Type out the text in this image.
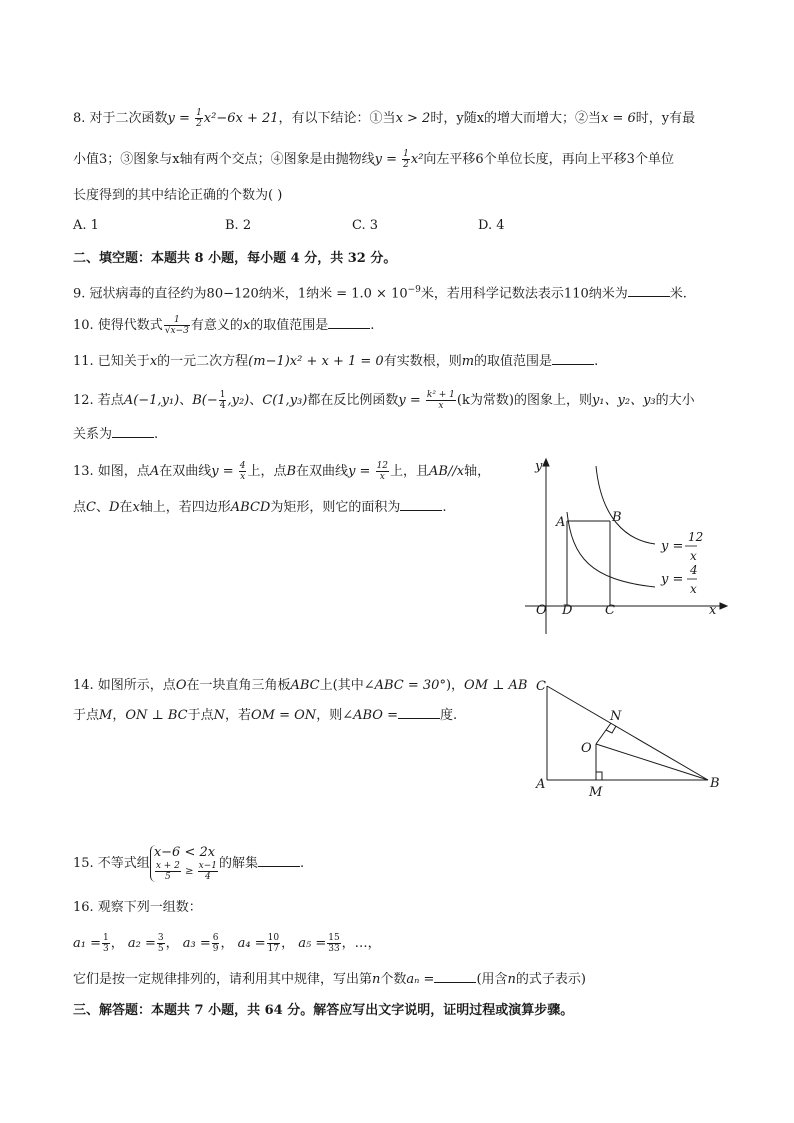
8. 对于二次函数$y = \frac{1}{2} x^2-6x + 21$，有以下结论：①当x > 2时，y随x的增大而增大；②当x = 6时，y有最
小值3；③图象与x轴有两个交点；④图象是由抛物线$y = \frac{1}{2} x^2$向左平移6个单位长度，再向上平移3个单位
长度得到的其中结论正确的个数为( )
A. 1	B. 2	C. 3	D. 4
二、填空题：本题共 8 小题，每小题 4 分，共 32 分。
9. 冠状病毒的直径约为80−120纳米，1纳米 = $1.0 \times 10^{-9}$米，若用科学记数法表示110纳米为	米.
10. 使得代数式 $\frac{1}{√x-3}$ 有意义的x的取值范围是	.
11. 已知关于x的一元二次方程(m−1)x² + x + 1 = 0有实数根，则m的取值范围是	.
12. 若点A(−1,y₁)、$B(- \frac{1}{4} ,y_2)$、C(1,y₃)都在反比例函数$y = \frac{\text{k² + 1}}{x} (k$为常数)的图象上，则y₁、y₂、y₃的大小
关系为	.
13. 如图，点A在双曲线$y = \frac{4}{x}$ 上，点B在双曲线$y = \frac{12}{x}$ 上，且AB//x轴，
点C、D在x轴上，若四边形ABCD为矩形，则它的面积为	.
y
x
O D	C
A	B
y =
12
x
y =
4
x
14. 如图所示，点O在一块直角三角板ABC上(其中∠ABC = 30°)，OM ⊥ AB
于点M，ON ⊥ BC于点N，若OM = ON，则∠ABO =	度.
C
N
O
A
M
B
15. 不等式组
x−6 < 2x
$\frac{x + 2}{5} \ge \frac{x-1}{4}$ 的解集	.
16. 观察下列一组数：
$a_1 = \frac{1}{3}$ ， $a_2 = \frac{3}{5}$ ， $a_3 = \frac{6}{9}$ ， $a_4 = \frac{10}{17}$ ， $a_5 = \frac{15}{33}$ ，…，
它们是按一定规律排列的，请利用其中规律，写出第n个数aₙ =	(用含n的式子表示)
三、解答题：本题共 7 小题，共 64 分。解答应写出文字说明，证明过程或演算步骤。
